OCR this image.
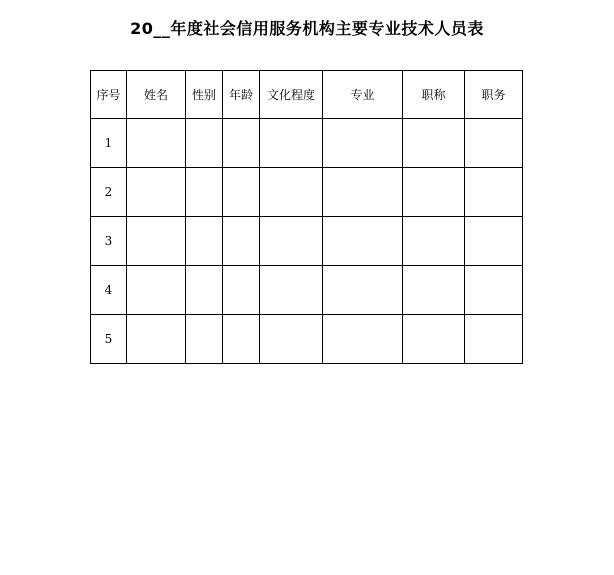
20__年度社会信用服务机构主要专业技术人员表
序号	姓名	性别	年龄	文化程度	专业	职称	职务
1							
2							
3							
4							
5							
